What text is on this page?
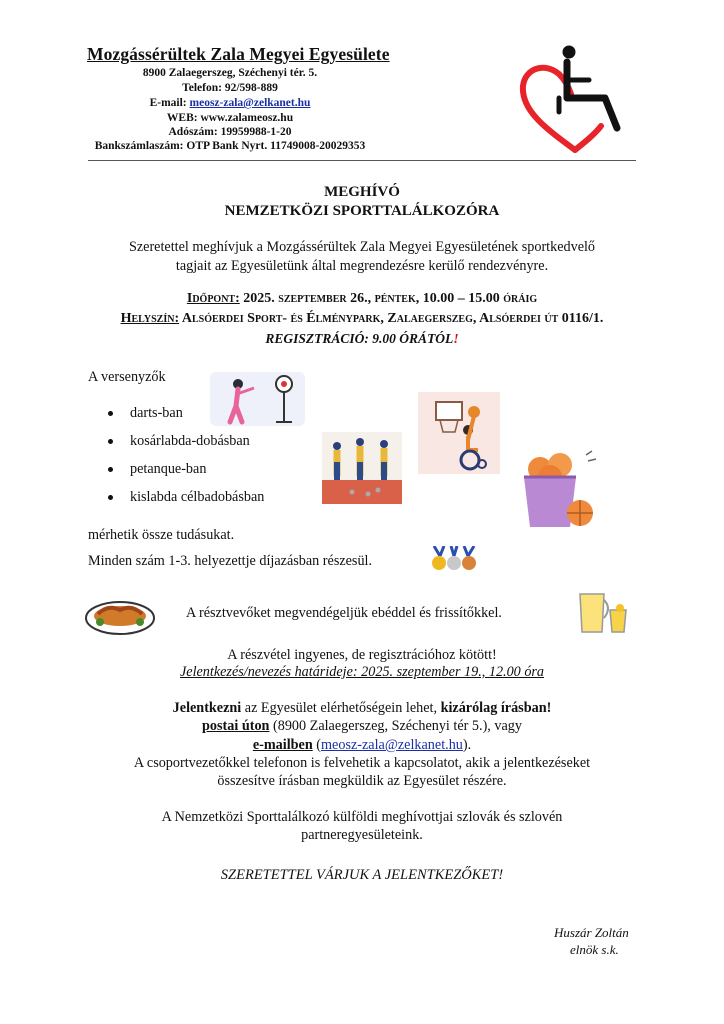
Mozgássérültek Zala Megyei Egyesülete
8900 Zalaegerszeg, Széchenyi tér. 5.
Telefon: 92/598-889
E-mail: meosz-zala@zelkanet.hu
WEB: www.zalameosz.hu
Adószám: 19959988-1-20
Bankszámlaszám: OTP Bank Nyrt. 11749008-20029353
MEGHÍVÓ
NEMZETKÖZI SPORTTALÁLKOZÓRA
Szeretettel meghívjuk a Mozgássérültek Zala Megyei Egyesületének sportkedvelő
tagjait az Egyesületünk által megrendezésre kerülő rendezvényre.
Időpont: 2025. szeptember 26., péntek, 10.00 – 15.00 óráig
Helyszín: Alsóerdei Sport- és Élménypark, Zalaegerszeg, Alsóerdei út 0116/1.
REGISZTRÁCIÓ: 9.00 ÓRÁTÓL!
A versenyzők
darts-ban
kosárlabda-dobásban
petanque-ban
kislabda célbadobásban
mérhetik össze tudásukat.
Minden szám 1-3. helyezettje díjazásban részesül.
A résztvevőket megvendégeljük ebéddel és frissítőkkel.
A részvétel ingyenes, de regisztrációhoz kötött!
Jelentkezés/nevezés határideje: 2025. szeptember 19., 12.00 óra
Jelentkezni az Egyesület elérhetőségein lehet, kizárólag írásban!
postai úton (8900 Zalaegerszeg, Széchenyi tér 5.), vagy
e-mailben (meosz-zala@zelkanet.hu).
A csoportvezetőkkel telefonon is felvehetik a kapcsolatot, akik a jelentkezéseket
összesítve írásban megküldik az Egyesület részére.
A Nemzetközi Sporttalálkozó külföldi meghívottjai szlovák és szlovén
partneregyesületeink.
SZERETETTEL VÁRJUK A JELENTKEZŐKET!
Huszár Zoltán
elnök s.k.
